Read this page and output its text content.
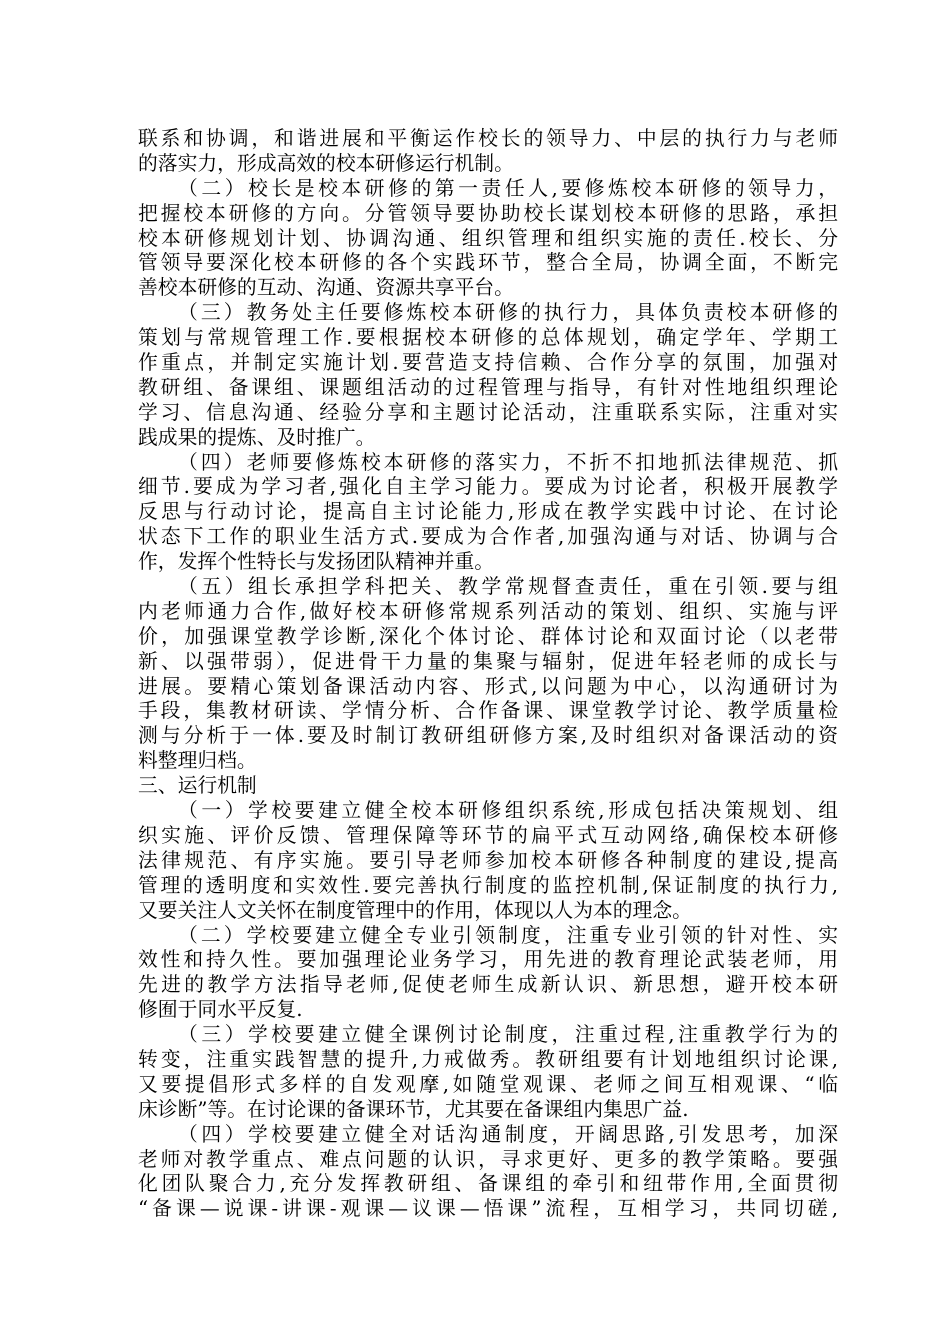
联系和协调，和谐进展和平衡运作校长的领导力、中层的执行力与老师
的落实力，形成高效的校本研修运行机制。
（二）校长是校本研修的第一责任人,要修炼校本研修的领导力，
把握校本研修的方向。分管领导要协助校长谋划校本研修的思路，承担
校本研修规划计划、协调沟通、组织管理和组织实施的责任.校长、分
管领导要深化校本研修的各个实践环节，整合全局，协调全面，不断完
善校本研修的互动、沟通、资源共享平台。
（三）教务处主任要修炼校本研修的执行力，具体负责校本研修的
策划与常规管理工作.要根据校本研修的总体规划，确定学年、学期工
作重点，并制定实施计划.要营造支持信赖、合作分享的氛围，加强对
教研组、备课组、课题组活动的过程管理与指导，有针对性地组织理论
学习、信息沟通、经验分享和主题讨论活动，注重联系实际，注重对实
践成果的提炼、及时推广。
（四）老师要修炼校本研修的落实力，不折不扣地抓法律规范、抓
细节.要成为学习者,强化自主学习能力。要成为讨论者，积极开展教学
反思与行动讨论，提高自主讨论能力,形成在教学实践中讨论、在讨论
状态下工作的职业生活方式.要成为合作者,加强沟通与对话、协调与合
作，发挥个性特长与发扬团队精神并重。
（五）组长承担学科把关、教学常规督查责任，重在引领.要与组
内老师通力合作,做好校本研修常规系列活动的策划、组织、实施与评
价，加强课堂教学诊断,深化个体讨论、群体讨论和双面讨论（以老带
新、以强带弱），促进骨干力量的集聚与辐射，促进年轻老师的成长与
进展。要精心策划备课活动内容、形式,以问题为中心，以沟通研讨为
手段，集教材研读、学情分析、合作备课、课堂教学讨论、教学质量检
测与分析于一体.要及时制订教研组研修方案,及时组织对备课活动的资
料整理归档。
三、运行机制
（一）学校要建立健全校本研修组织系统,形成包括决策规划、组
织实施、评价反馈、管理保障等环节的扁平式互动网络,确保校本研修
法律规范、有序实施。要引导老师参加校本研修各种制度的建设,提高
管理的透明度和实效性.要完善执行制度的监控机制,保证制度的执行力,
又要关注人文关怀在制度管理中的作用，体现以人为本的理念。
（二）学校要建立健全专业引领制度，注重专业引领的针对性、实
效性和持久性。要加强理论业务学习，用先进的教育理论武装老师，用
先进的教学方法指导老师,促使老师生成新认识、新思想，避开校本研
修囿于同水平反复.
（三）学校要建立健全课例讨论制度，注重过程,注重教学行为的
转变，注重实践智慧的提升,力戒做秀。教研组要有计划地组织讨论课,
又要提倡形式多样的自发观摩,如随堂观课、老师之间互相观课、“临
床诊断”等。在讨论课的备课环节，尤其要在备课组内集思广益.
（四）学校要建立健全对话沟通制度，开阔思路,引发思考，加深
老师对教学重点、难点问题的认识，寻求更好、更多的教学策略。要强
化团队聚合力,充分发挥教研组、备课组的牵引和纽带作用,全面贯彻
“备课—说课-讲课-观课—议课—悟课”流程，互相学习，共同切磋,
